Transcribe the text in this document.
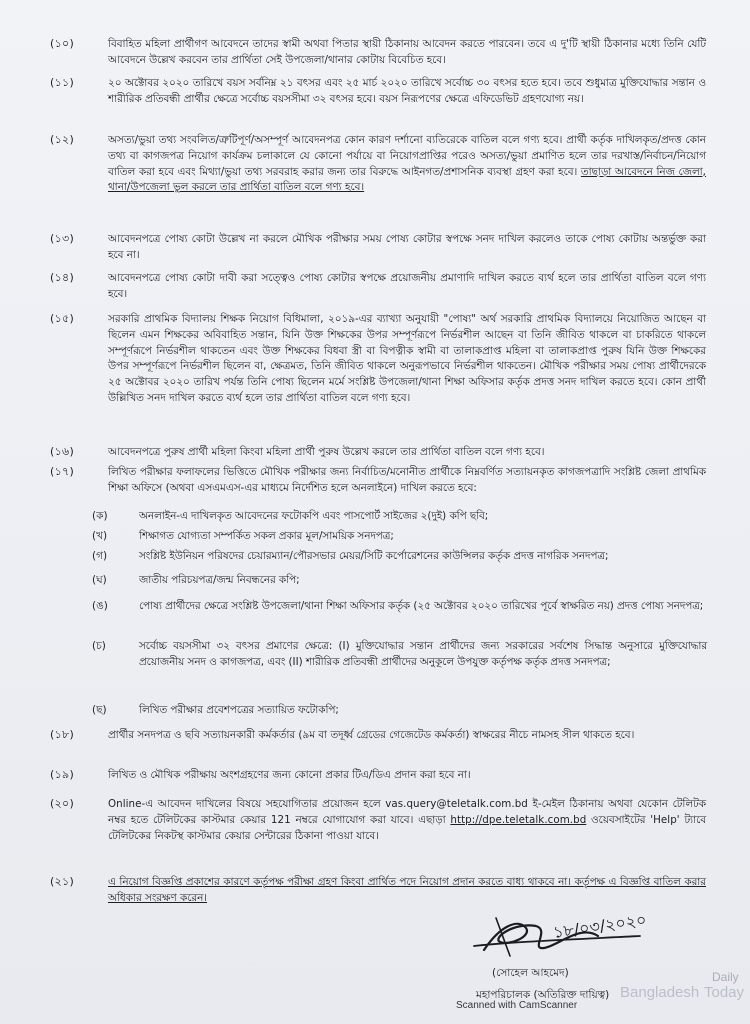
(১০)	বিবাহিত মহিলা প্রার্থীগণ আবেদনে তাদের স্বামী অথবা পিতার স্থায়ী ঠিকানায় আবেদন করতে পারবেন। তবে এ দু'টি স্থায়ী ঠিকানার মধ্যে তিনি যেটি আবেদনে উল্লেখ করবেন তার প্রার্থিতা সেই উপজেলা/থানার কোটায় বিবেচিত হবে।
(১১)	২০ অক্টোবর ২০২০ তারিখে বয়স সর্বনিম্ন ২১ বৎসর এবং ২৫ মার্চ ২০২০ তারিখে সর্বোচ্চ ৩০ বৎসর হতে হবে। তবে শুধুমাত্র মুক্তিযোদ্ধার সন্তান ও শারীরিক প্রতিবন্ধী প্রার্থীর ক্ষেত্রে সর্বোচ্চ বয়সসীমা ৩২ বৎসর হবে। বয়স নিরূপণের ক্ষেত্রে এফিডেভিট গ্রহণযোগ্য নয়।
(১২)	অসত্য/ভুয়া তথ্য সংবলিত/ত্রুটিপূর্ণ/অসম্পূর্ণ আবেদনপত্র কোন কারণ দর্শানো ব্যতিরেকে বাতিল বলে গণ্য হবে। প্রার্থী কর্তৃক দাখিলকৃত/প্রদত্ত কোন তথ্য বা কাগজপত্র নিয়োগ কার্যক্রম চলাকালে যে কোনো পর্যায়ে বা নিয়োগপ্রাপ্তির পরেও অসত্য/ভুয়া প্রমাণিত হলে তার দরখাস্ত/নির্বাচন/নিয়োগ বাতিল করা হবে এবং মিথ্যা/ভুয়া তথ্য সরবরাহ করার জন্য তার বিরুদ্ধে আইনগত/প্রশাসনিক ব্যবস্থা গ্রহণ করা হবে। তাছাড়া আবেদনে নিজ জেলা, থানা/উপজেলা ভুল করলে তার প্রার্থিতা বাতিল বলে গণ্য হবে।
(১৩)	আবেদনপত্রে পোষ্য কোটা উল্লেখ না করলে মৌখিক পরীক্ষার সময় পোষ্য কোটার স্বপক্ষে সনদ দাখিল করলেও তাকে পোষ্য কোটায় অন্তর্ভুক্ত করা হবে না।
(১৪)	আবেদনপত্রে পোষ্য কোটা দাবী করা সত্ত্বেও পোষ্য কোটার স্বপক্ষে প্রয়োজনীয় প্রমাণাদি দাখিল করতে ব্যর্থ হলে তার প্রার্থিতা বাতিল বলে গণ্য হবে।
(১৫)	সরকারি প্রাথমিক বিদ্যালয় শিক্ষক নিয়োগ বিধিমালা, ২০১৯-এর ব্যাখ্যা অনুযায়ী "পোষ্য" অর্থ সরকারি প্রাথমিক বিদ্যালয়ে নিয়োজিত আছেন বা ছিলেন এমন শিক্ষকের অবিবাহিত সন্তান, যিনি উক্ত শিক্ষকের উপর সম্পূর্ণরূপে নির্ভরশীল আছেন বা তিনি জীবিত থাকলে বা চাকরিতে থাকলে সম্পূর্ণরূপে নির্ভরশীল থাকতেন এবং উক্ত শিক্ষকের বিধবা স্ত্রী বা বিপত্নীক স্বামী বা তালাকপ্রাপ্ত মহিলা বা তালাকপ্রাপ্ত পুরুষ যিনি উক্ত শিক্ষকের উপর সম্পূর্ণরূপে নির্ভরশীল ছিলেন বা, ক্ষেত্রমত, তিনি জীবিত থাকলে অনুরূপভাবে নির্ভরশীল থাকতেন। মৌখিক পরীক্ষার সময় পোষ্য প্রার্থীদেরকে ২৫ অক্টোবর ২০২০ তারিখ পর্যন্ত তিনি পোষ্য ছিলেন মর্মে সংশ্লিষ্ট উপজেলা/থানা শিক্ষা অফিসার কর্তৃক প্রদত্ত সনদ দাখিল করতে হবে। কোন প্রার্থী উল্লিখিত সনদ দাখিল করতে ব্যর্থ হলে তার প্রার্থিতা বাতিল বলে গণ্য হবে।
(১৬)	আবেদনপত্রে পুরুষ প্রার্থী মহিলা কিংবা মহিলা প্রার্থী পুরুষ উল্লেখ করলে তার প্রার্থিতা বাতিল বলে গণ্য হবে।
(১৭)	লিখিত পরীক্ষার ফলাফলের ভিত্তিতে মৌখিক পরীক্ষার জন্য নির্বাচিত/মনোনীত প্রার্থীকে নিম্নবর্ণিত সত্যায়নকৃত কাগজপত্রাদি সংশ্লিষ্ট জেলা প্রাথমিক শিক্ষা অফিসে (অথবা এসএমএস-এর মাধ্যমে নির্দেশিত হলে অনলাইনে) দাখিল করতে হবে:
(ক)	অনলাইন-এ দাখিলকৃত আবেদনের ফটোকপি এবং পাসপোর্ট সাইজের ২(দুই) কপি ছবি;
(খ)	শিক্ষাগত যোগ্যতা সম্পর্কিত সকল প্রকার মূল/সাময়িক সনদপত্র;
(গ)	সংশ্লিষ্ট ইউনিয়ন পরিষদের চেয়ারম্যান/পৌরসভার মেয়র/সিটি কর্পোরেশনের কাউন্সিলর কর্তৃক প্রদত্ত নাগরিক সনদপত্র;
(ঘ)	জাতীয় পরিচয়পত্র/জন্ম নিবন্ধনের কপি;
(ঙ)	পোষ্য প্রার্থীদের ক্ষেত্রে সংশ্লিষ্ট উপজেলা/থানা শিক্ষা অফিসার কর্তৃক (২৫ অক্টোবর ২০২০ তারিখের পূর্বে স্বাক্ষরিত নয়) প্রদত্ত পোষ্য সনদপত্র;
(চ)	সর্বোচ্চ বয়সসীমা ৩২ বৎসর প্রমাণের ক্ষেত্রে: (I) মুক্তিযোদ্ধার সন্তান প্রার্থীদের জন্য সরকারের সর্বশেষ সিদ্ধান্ত অনুসারে মুক্তিযোদ্ধার প্রয়োজনীয় সনদ ও কাগজপত্র, এবং (II) শারীরিক প্রতিবন্ধী প্রার্থীদের অনুকূলে উপযুক্ত কর্তৃপক্ষ কর্তৃক প্রদত্ত সনদপত্র;
(ছ)	লিখিত পরীক্ষার প্রবেশপত্রের সত্যায়িত ফটোকপি;
(১৮)	প্রার্থীর সনদপত্র ও ছবি সত্যায়নকারী কর্মকর্তার (৯ম বা তদূর্ধ্ব গ্রেডের গেজেটেড কর্মকর্তা) স্বাক্ষরের নীচে নামসহ সীল থাকতে হবে।
(১৯)	লিখিত ও মৌখিক পরীক্ষায় অংশগ্রহণের জন্য কোনো প্রকার টিএ/ডিএ প্রদান করা হবে না।
(২০)	Online-এ আবেদন দাখিলের বিষয়ে সহযোগিতার প্রয়োজন হলে vas.query@teletalk.com.bd ই-মেইল ঠিকানায় অথবা যেকোন টেলিটক নম্বর হতে টেলিটকের কাস্টমার কেয়ার 121 নম্বরে যোগাযোগ করা যাবে। এছাড়া http://dpe.teletalk.com.bd ওয়েবসাইটের 'Help' ট্যাবে টেলিটকের নিকটস্থ কাস্টমার কেয়ার সেন্টারের ঠিকানা পাওয়া যাবে।
(২১)	এ নিয়োগ বিজ্ঞপ্তি প্রকাশের কারণে কর্তৃপক্ষ পরীক্ষা গ্রহণ কিংবা প্রার্থিত পদে নিয়োগ প্রদান করতে বাধ্য থাকবে না। কর্তৃপক্ষ এ বিজ্ঞপ্তি বাতিল করার অধিকার সংরক্ষণ করেন।
১৮/০৩/২০২০
(সোহেল আহমেদ)
মহাপরিচালক (অতিরিক্ত দায়িত্ব)
Daily
Bangladesh Today
Scanned with CamScanner
